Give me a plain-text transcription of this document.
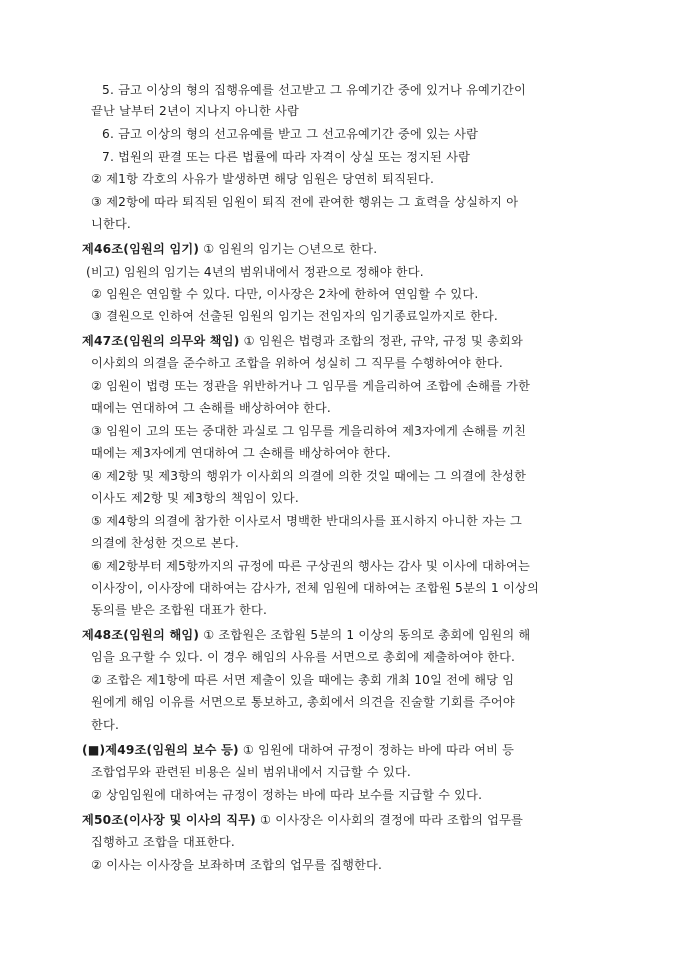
5. 금고 이상의 형의 집행유예를 선고받고 그 유예기간 중에 있거나 유예기간이
끝난 날부터 2년이 지나지 아니한 사람
6. 금고 이상의 형의 선고유예를 받고 그 선고유예기간 중에 있는 사람
7. 법원의 판결 또는 다른 법률에 따라 자격이 상실 또는 정지된 사람
② 제1항 각호의 사유가 발생하면 해당 임원은 당연히 퇴직된다.
③ 제2항에 따라 퇴직된 임원이 퇴직 전에 관여한 행위는 그 효력을 상실하지 아
니한다.
제46조(임원의 임기) ① 임원의 임기는 ○년으로 한다.
(비고) 임원의 임기는 4년의 범위내에서 정관으로 정해야 한다.
② 임원은 연임할 수 있다. 다만, 이사장은 2차에 한하여 연임할 수 있다.
③ 결원으로 인하여 선출된 임원의 임기는 전임자의 임기종료일까지로 한다.
제47조(임원의 의무와 책임) ① 임원은 법령과 조합의 정관, 규약, 규정 및 총회와
이사회의 의결을 준수하고 조합을 위하여 성실히 그 직무를 수행하여야 한다.
② 임원이 법령 또는 정관을 위반하거나 그 임무를 게을리하여 조합에 손해를 가한
때에는 연대하여 그 손해를 배상하여야 한다.
③ 임원이 고의 또는 중대한 과실로 그 임무를 게을리하여 제3자에게 손해를 끼친
때에는 제3자에게 연대하여 그 손해를 배상하여야 한다.
④ 제2항 및 제3항의 행위가 이사회의 의결에 의한 것일 때에는 그 의결에 찬성한
이사도 제2항 및 제3항의 책임이 있다.
⑤ 제4항의 의결에 참가한 이사로서 명백한 반대의사를 표시하지 아니한 자는 그
의결에 찬성한 것으로 본다.
⑥ 제2항부터 제5항까지의 규정에 따른 구상권의 행사는 감사 및 이사에 대하여는
이사장이, 이사장에 대하여는 감사가, 전체 임원에 대하여는 조합원 5분의 1 이상의
동의를 받은 조합원 대표가 한다.
제48조(임원의 해임) ① 조합원은 조합원 5분의 1 이상의 동의로 총회에 임원의 해
임을 요구할 수 있다. 이 경우 해임의 사유를 서면으로 총회에 제출하여야 한다.
② 조합은 제1항에 따른 서면 제출이 있을 때에는 총회 개최 10일 전에 해당 임
원에게 해임 이유를 서면으로 통보하고, 총회에서 의견을 진술할 기회를 주어야
한다.
(■)제49조(임원의 보수 등) ① 임원에 대하여 규정이 정하는 바에 따라 여비 등
조합업무와 관련된 비용은 실비 범위내에서 지급할 수 있다.
② 상임임원에 대하여는 규정이 정하는 바에 따라 보수를 지급할 수 있다.
제50조(이사장 및 이사의 직무) ① 이사장은 이사회의 결정에 따라 조합의 업무를
집행하고 조합을 대표한다.
② 이사는 이사장을 보좌하며 조합의 업무를 집행한다.
